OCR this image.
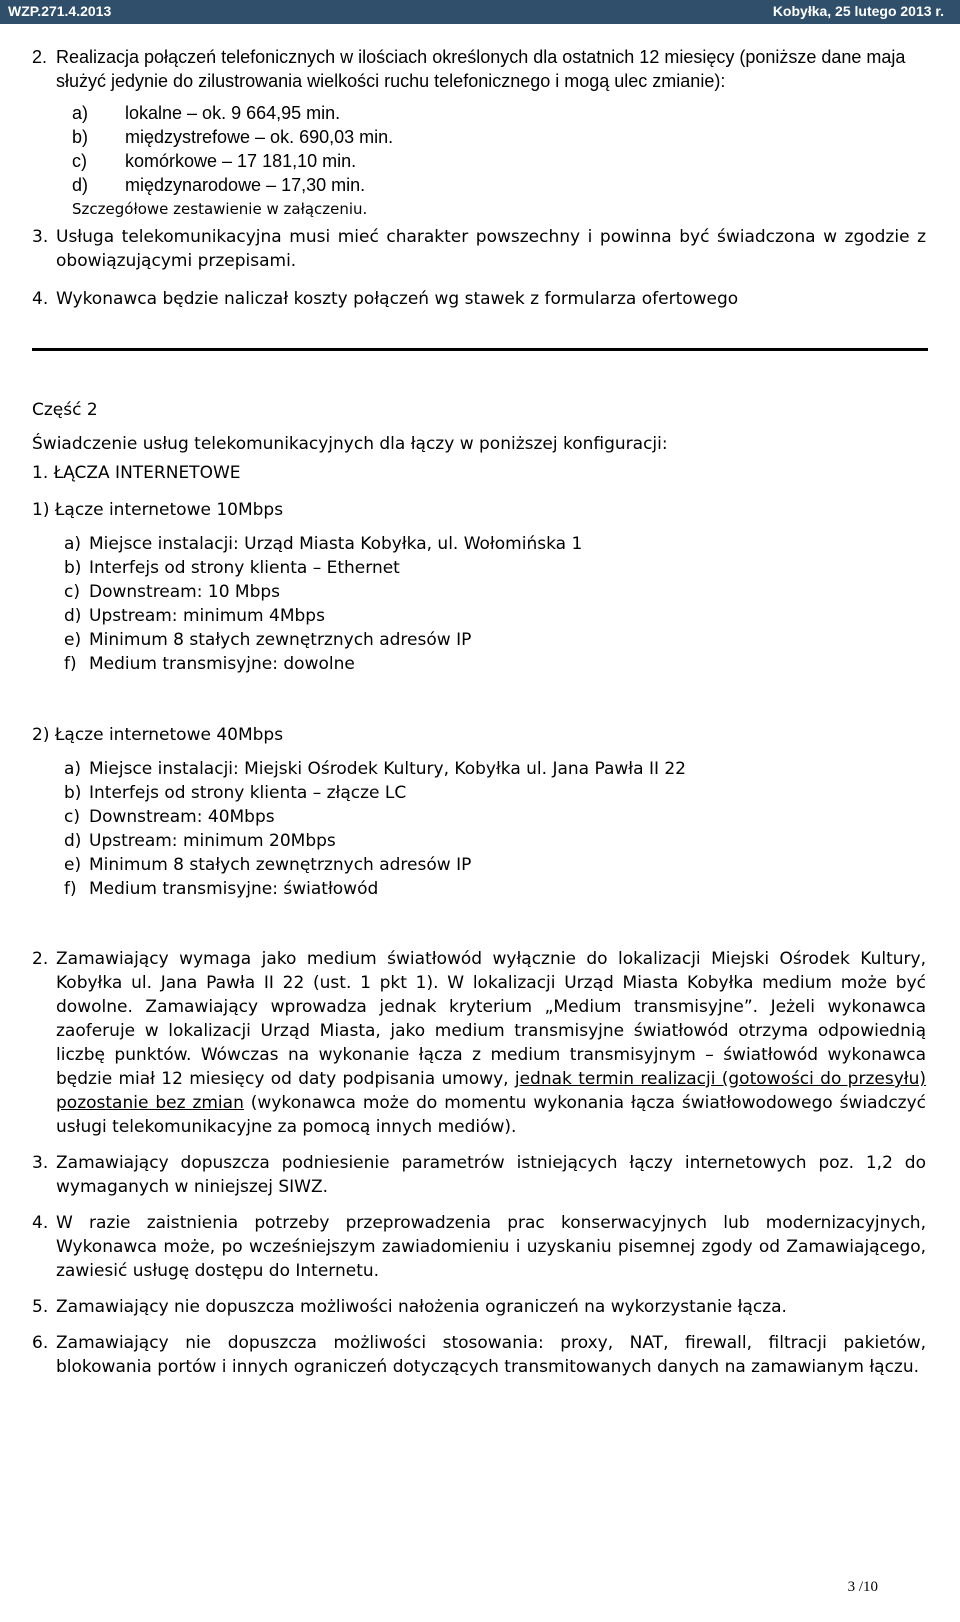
WZP.271.4.2013	Kobyłka, 25 lutego 2013 r.
2. Realizacja połączeń telefonicznych w ilościach określonych dla ostatnich 12 miesięcy (poniższe dane maja służyć jedynie do zilustrowania wielkości ruchu telefonicznego i mogą ulec zmianie):
a) lokalne – ok. 9 664,95 min.
b) międzystrefowe – ok. 690,03 min.
c) komórkowe – 17 181,10 min.
d) międzynarodowe – 17,30 min.
Szczegółowe zestawienie w załączeniu.
3. Usługa telekomunikacyjna musi mieć charakter powszechny i powinna być świadczona w zgodzie z obowiązującymi przepisami.
4. Wykonawca będzie naliczał koszty połączeń wg stawek z formularza ofertowego
Część 2
Świadczenie usług telekomunikacyjnych dla łączy w poniższej konfiguracji:
1. ŁĄCZA INTERNETOWE
1) Łącze internetowe 10Mbps
a) Miejsce instalacji: Urząd Miasta Kobyłka, ul. Wołomińska 1
b) Interfejs od strony klienta – Ethernet
c) Downstream: 10 Mbps
d) Upstream: minimum 4Mbps
e) Minimum 8 stałych zewnętrznych adresów IP
f) Medium transmisyjne: dowolne
2) Łącze internetowe 40Mbps
a) Miejsce instalacji: Miejski Ośrodek Kultury, Kobyłka ul. Jana Pawła II 22
b) Interfejs od strony klienta – złącze LC
c) Downstream: 40Mbps
d) Upstream: minimum 20Mbps
e) Minimum 8 stałych zewnętrznych adresów IP
f) Medium transmisyjne: światłowód
2. Zamawiający wymaga jako medium światłowód wyłącznie do lokalizacji Miejski Ośrodek Kultury, Kobyłka ul. Jana Pawła II 22 (ust. 1 pkt 1). W lokalizacji Urząd Miasta Kobyłka medium może być dowolne. Zamawiający wprowadza jednak kryterium „Medium transmisyjne”. Jeżeli wykonawca zaoferuje w lokalizacji Urząd Miasta, jako medium transmisyjne światłowód otrzyma odpowiednią liczbę punktów. Wówczas na wykonanie łącza z medium transmisyjnym – światłowód wykonawca będzie miał 12 miesięcy od daty podpisania umowy, jednak termin realizacji (gotowości do przesyłu) pozostanie bez zmian (wykonawca może do momentu wykonania łącza światłowodowego świadczyć usługi telekomunikacyjne za pomocą innych mediów).
3. Zamawiający dopuszcza podniesienie parametrów istniejących łączy internetowych poz. 1,2 do wymaganych w niniejszej SIWZ.
4. W razie zaistnienia potrzeby przeprowadzenia prac konserwacyjnych lub modernizacyjnych, Wykonawca może, po wcześniejszym zawiadomieniu i uzyskaniu pisemnej zgody od Zamawiającego, zawiesić usługę dostępu do Internetu.
5. Zamawiający nie dopuszcza możliwości nałożenia ograniczeń na wykorzystanie łącza.
6. Zamawiający nie dopuszcza możliwości stosowania: proxy, NAT, firewall, filtracji pakietów, blokowania portów i innych ograniczeń dotyczących transmitowanych danych na zamawianym łączu.
3 /10
